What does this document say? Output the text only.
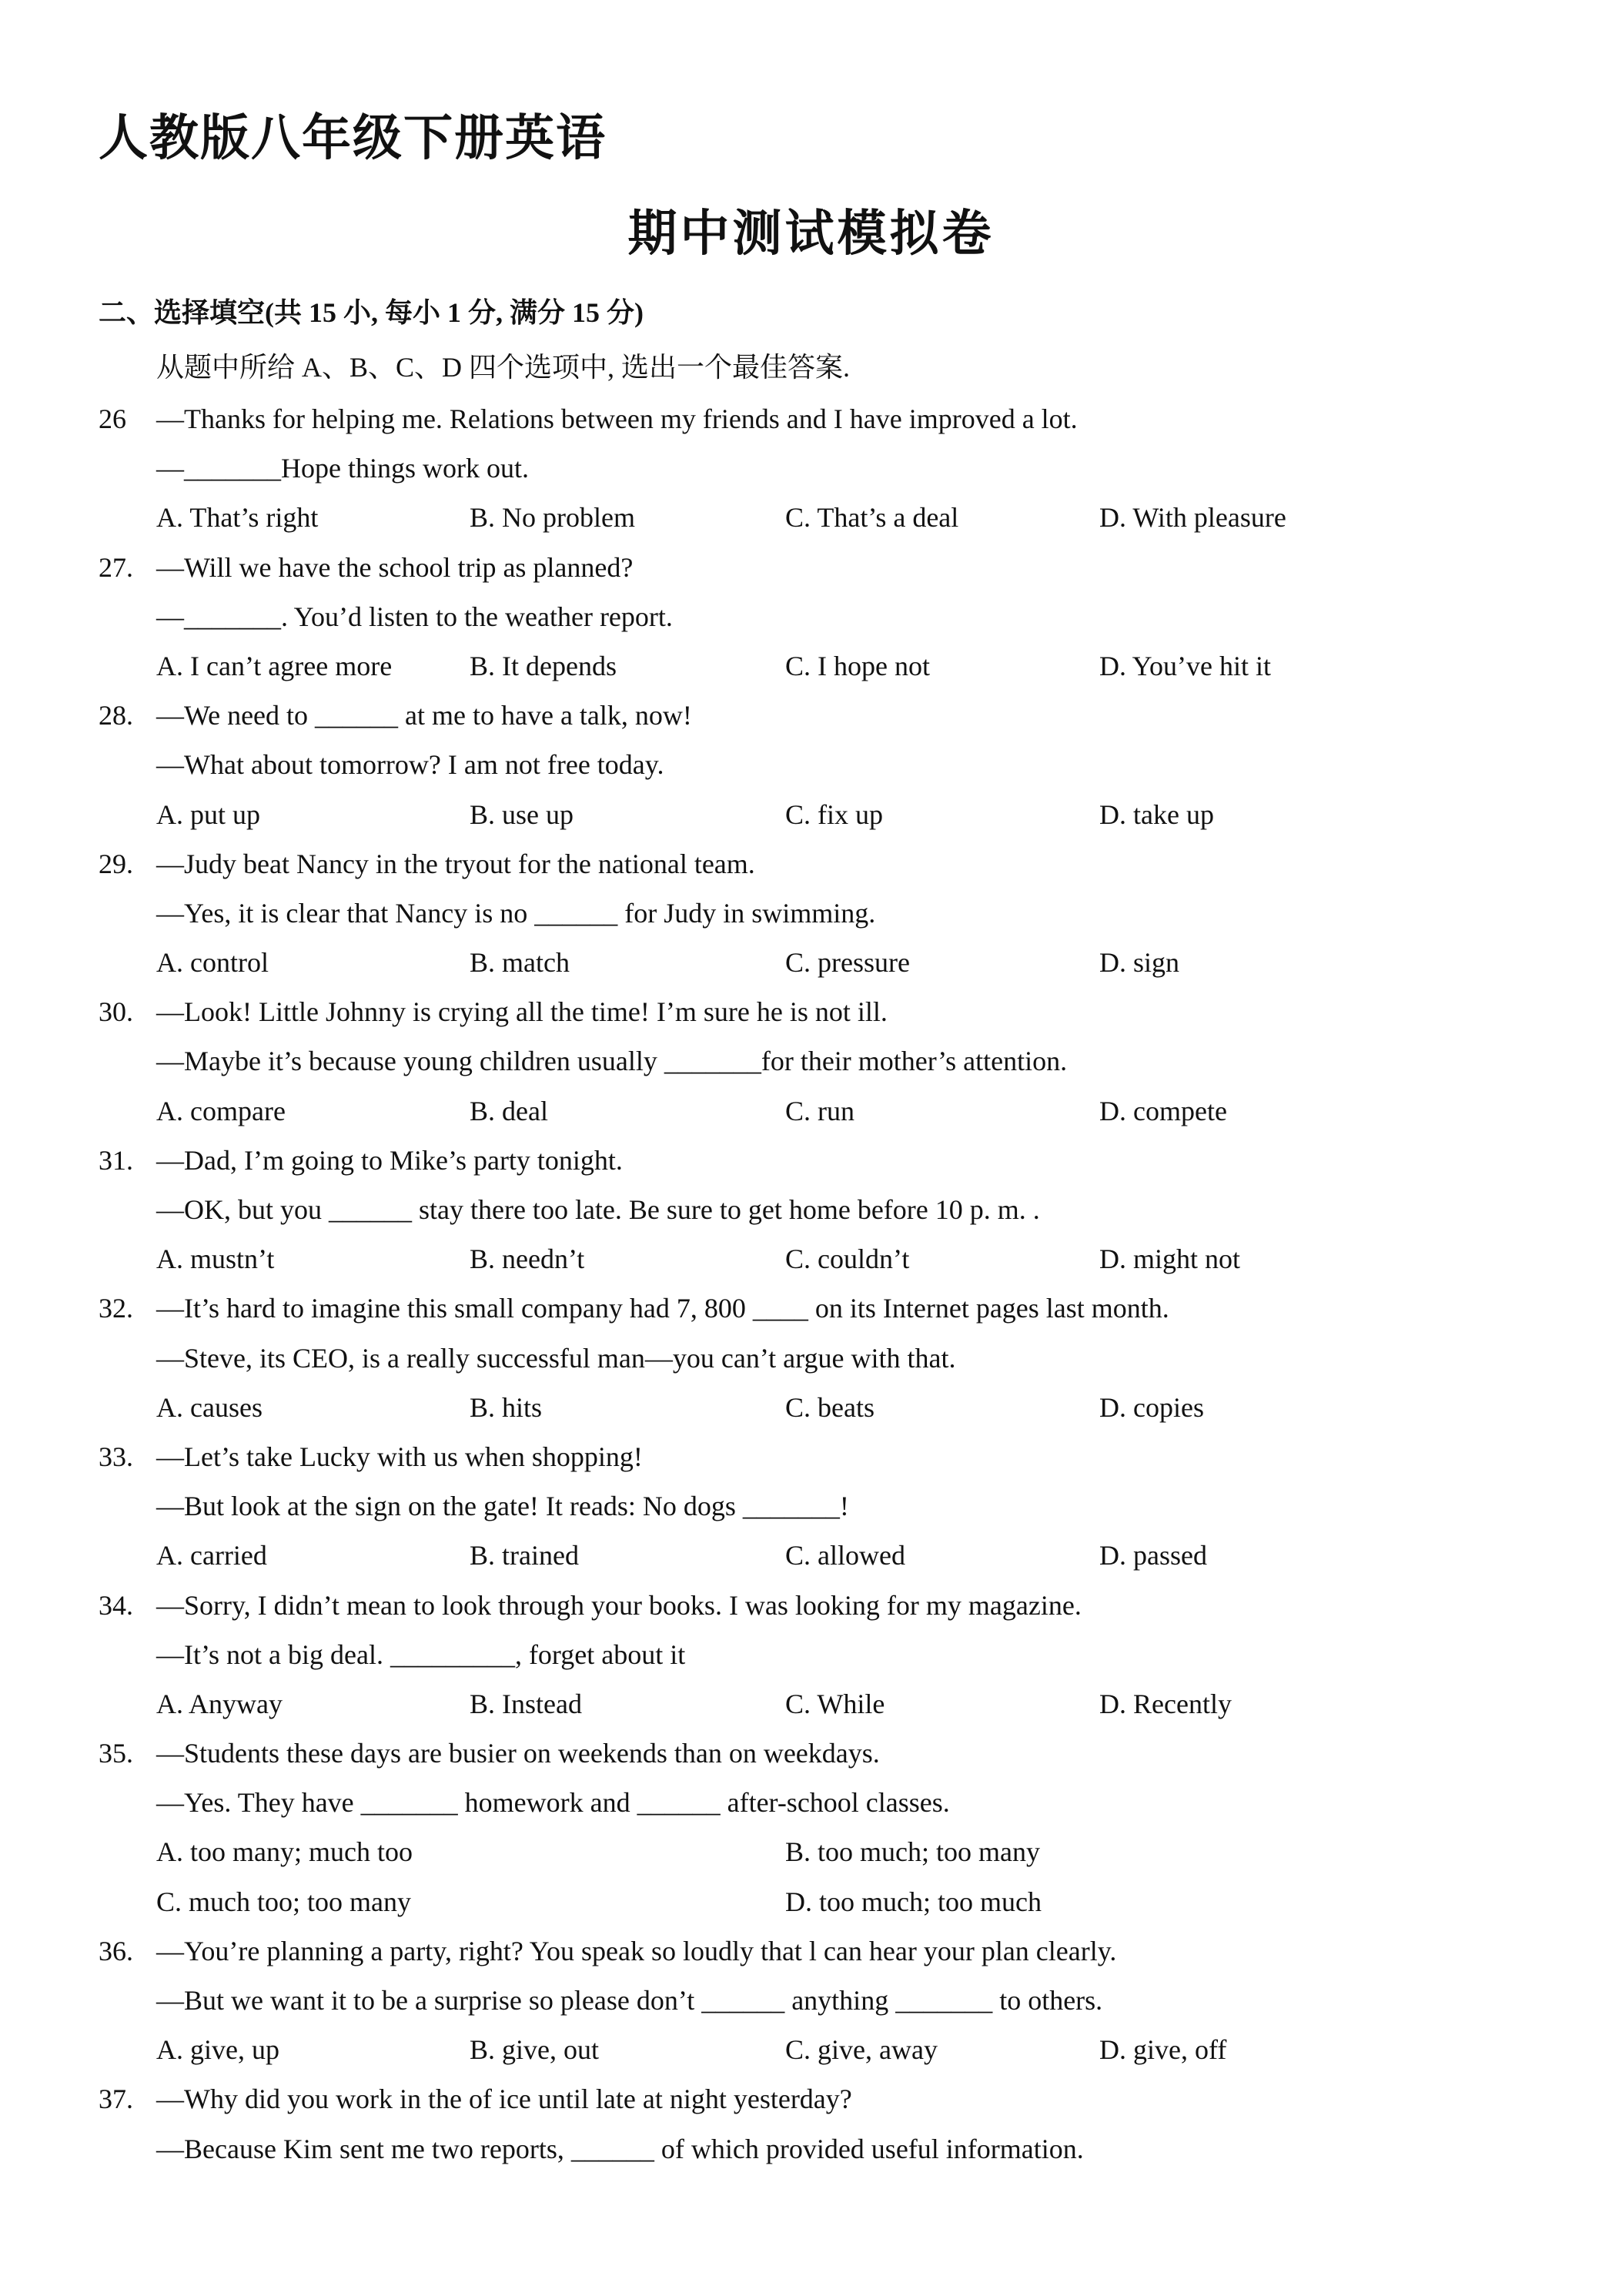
人教版八年级下册英语
期中测试模拟卷
二、选择填空(共 15 小, 每小 1 分, 满分 15 分)
从题中所给 A、B、C、D 四个选项中, 选出一个最佳答案.
26 —Thanks for helping me. Relations between my friends and I have improved a lot.
—_______Hope things work out.
A. That’s right	B. No problem	C. That’s a deal	D. With pleasure
27. —Will we have the school trip as planned?
—_______. You’d listen to the weather report.
A. I can’t agree more	B. It depends	C. I hope not	D. You’ve hit it
28. —We need to ______ at me to have a talk, now!
—What about tomorrow? I am not free today.
A. put up	B. use up	C. fix up	D. take up
29. —Judy beat Nancy in the tryout for the national team.
—Yes, it is clear that Nancy is no ______ for Judy in swimming.
A. control	B. match	C. pressure	D. sign
30. —Look! Little Johnny is crying all the time! I’m sure he is not ill.
—Maybe it’s because young children usually _______for their mother’s attention.
A. compare	B. deal	C. run	D. compete
31. —Dad, I’m going to Mike’s party tonight.
—OK, but you ______ stay there too late. Be sure to get home before 10 p. m. .
A. mustn’t	B. needn’t	C. couldn’t	D. might not
32. —It’s hard to imagine this small company had 7, 800 ____ on its Internet pages last month.
—Steve, its CEO, is a really successful man—you can’t argue with that.
A. causes	B. hits	C. beats	D. copies
33. —Let’s take Lucky with us when shopping!
—But look at the sign on the gate! It reads: No dogs _______!
A. carried	B. trained	C. allowed	D. passed
34. —Sorry, I didn’t mean to look through your books. I was looking for my magazine.
—It’s not a big deal. _________, forget about it
A. Anyway	B. Instead	C. While	D. Recently
35. —Students these days are busier on weekends than on weekdays.
—Yes. They have _______ homework and ______ after-school classes.
A. too many; much too	B. too much; too many
C. much too; too many	D. too much; too much
36. —You’re planning a party, right? You speak so loudly that l can hear your plan clearly.
—But we want it to be a surprise so please don’t ______ anything _______ to others.
A. give, up	B. give, out	C. give, away	D. give, off
37. —Why did you work in the of ice until late at night yesterday?
—Because Kim sent me two reports, ______ of which provided useful information.
